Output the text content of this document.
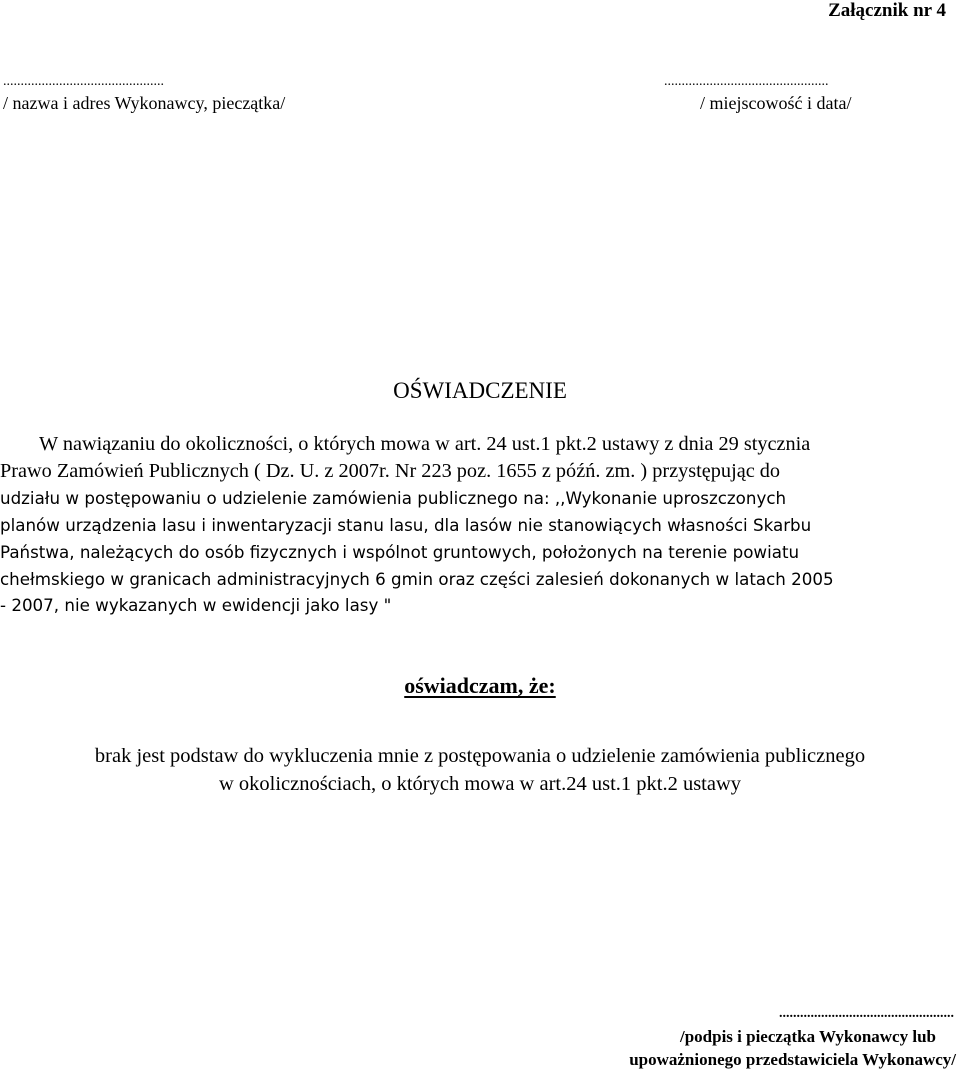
Załącznik nr 4
..............................................
/ nazwa i adres Wykonawcy, pieczątka/
...............................................
/ miejscowość i data/
OŚWIADCZENIE
W nawiązaniu do okoliczności, o których mowa w art. 24 ust.1 pkt.2 ustawy z dnia 29 stycznia
Prawo Zamówień Publicznych ( Dz. U. z 2007r. Nr 223 poz. 1655 z późń. zm. ) przystępując do
udziału w postępowaniu o udzielenie zamówienia publicznego na: ,,Wykonanie uproszczonych
planów urządzenia lasu i inwentaryzacji stanu lasu, dla lasów nie stanowiących własności Skarbu
Państwa, należących do osób fizycznych i wspólnot gruntowych, położonych na terenie powiatu
chełmskiego w granicach administracyjnych 6 gmin oraz części zalesień dokonanych w latach 2005
- 2007, nie wykazanych w ewidencji jako lasy "
oświadczam, że:
brak jest podstaw do wykluczenia mnie z postępowania o udzielenie zamówienia publicznego
w okolicznościach, o których mowa w art.24 ust.1 pkt.2 ustawy
..................................................
/podpis i pieczątka Wykonawcy lub
upoważnionego przedstawiciela Wykonawcy/
